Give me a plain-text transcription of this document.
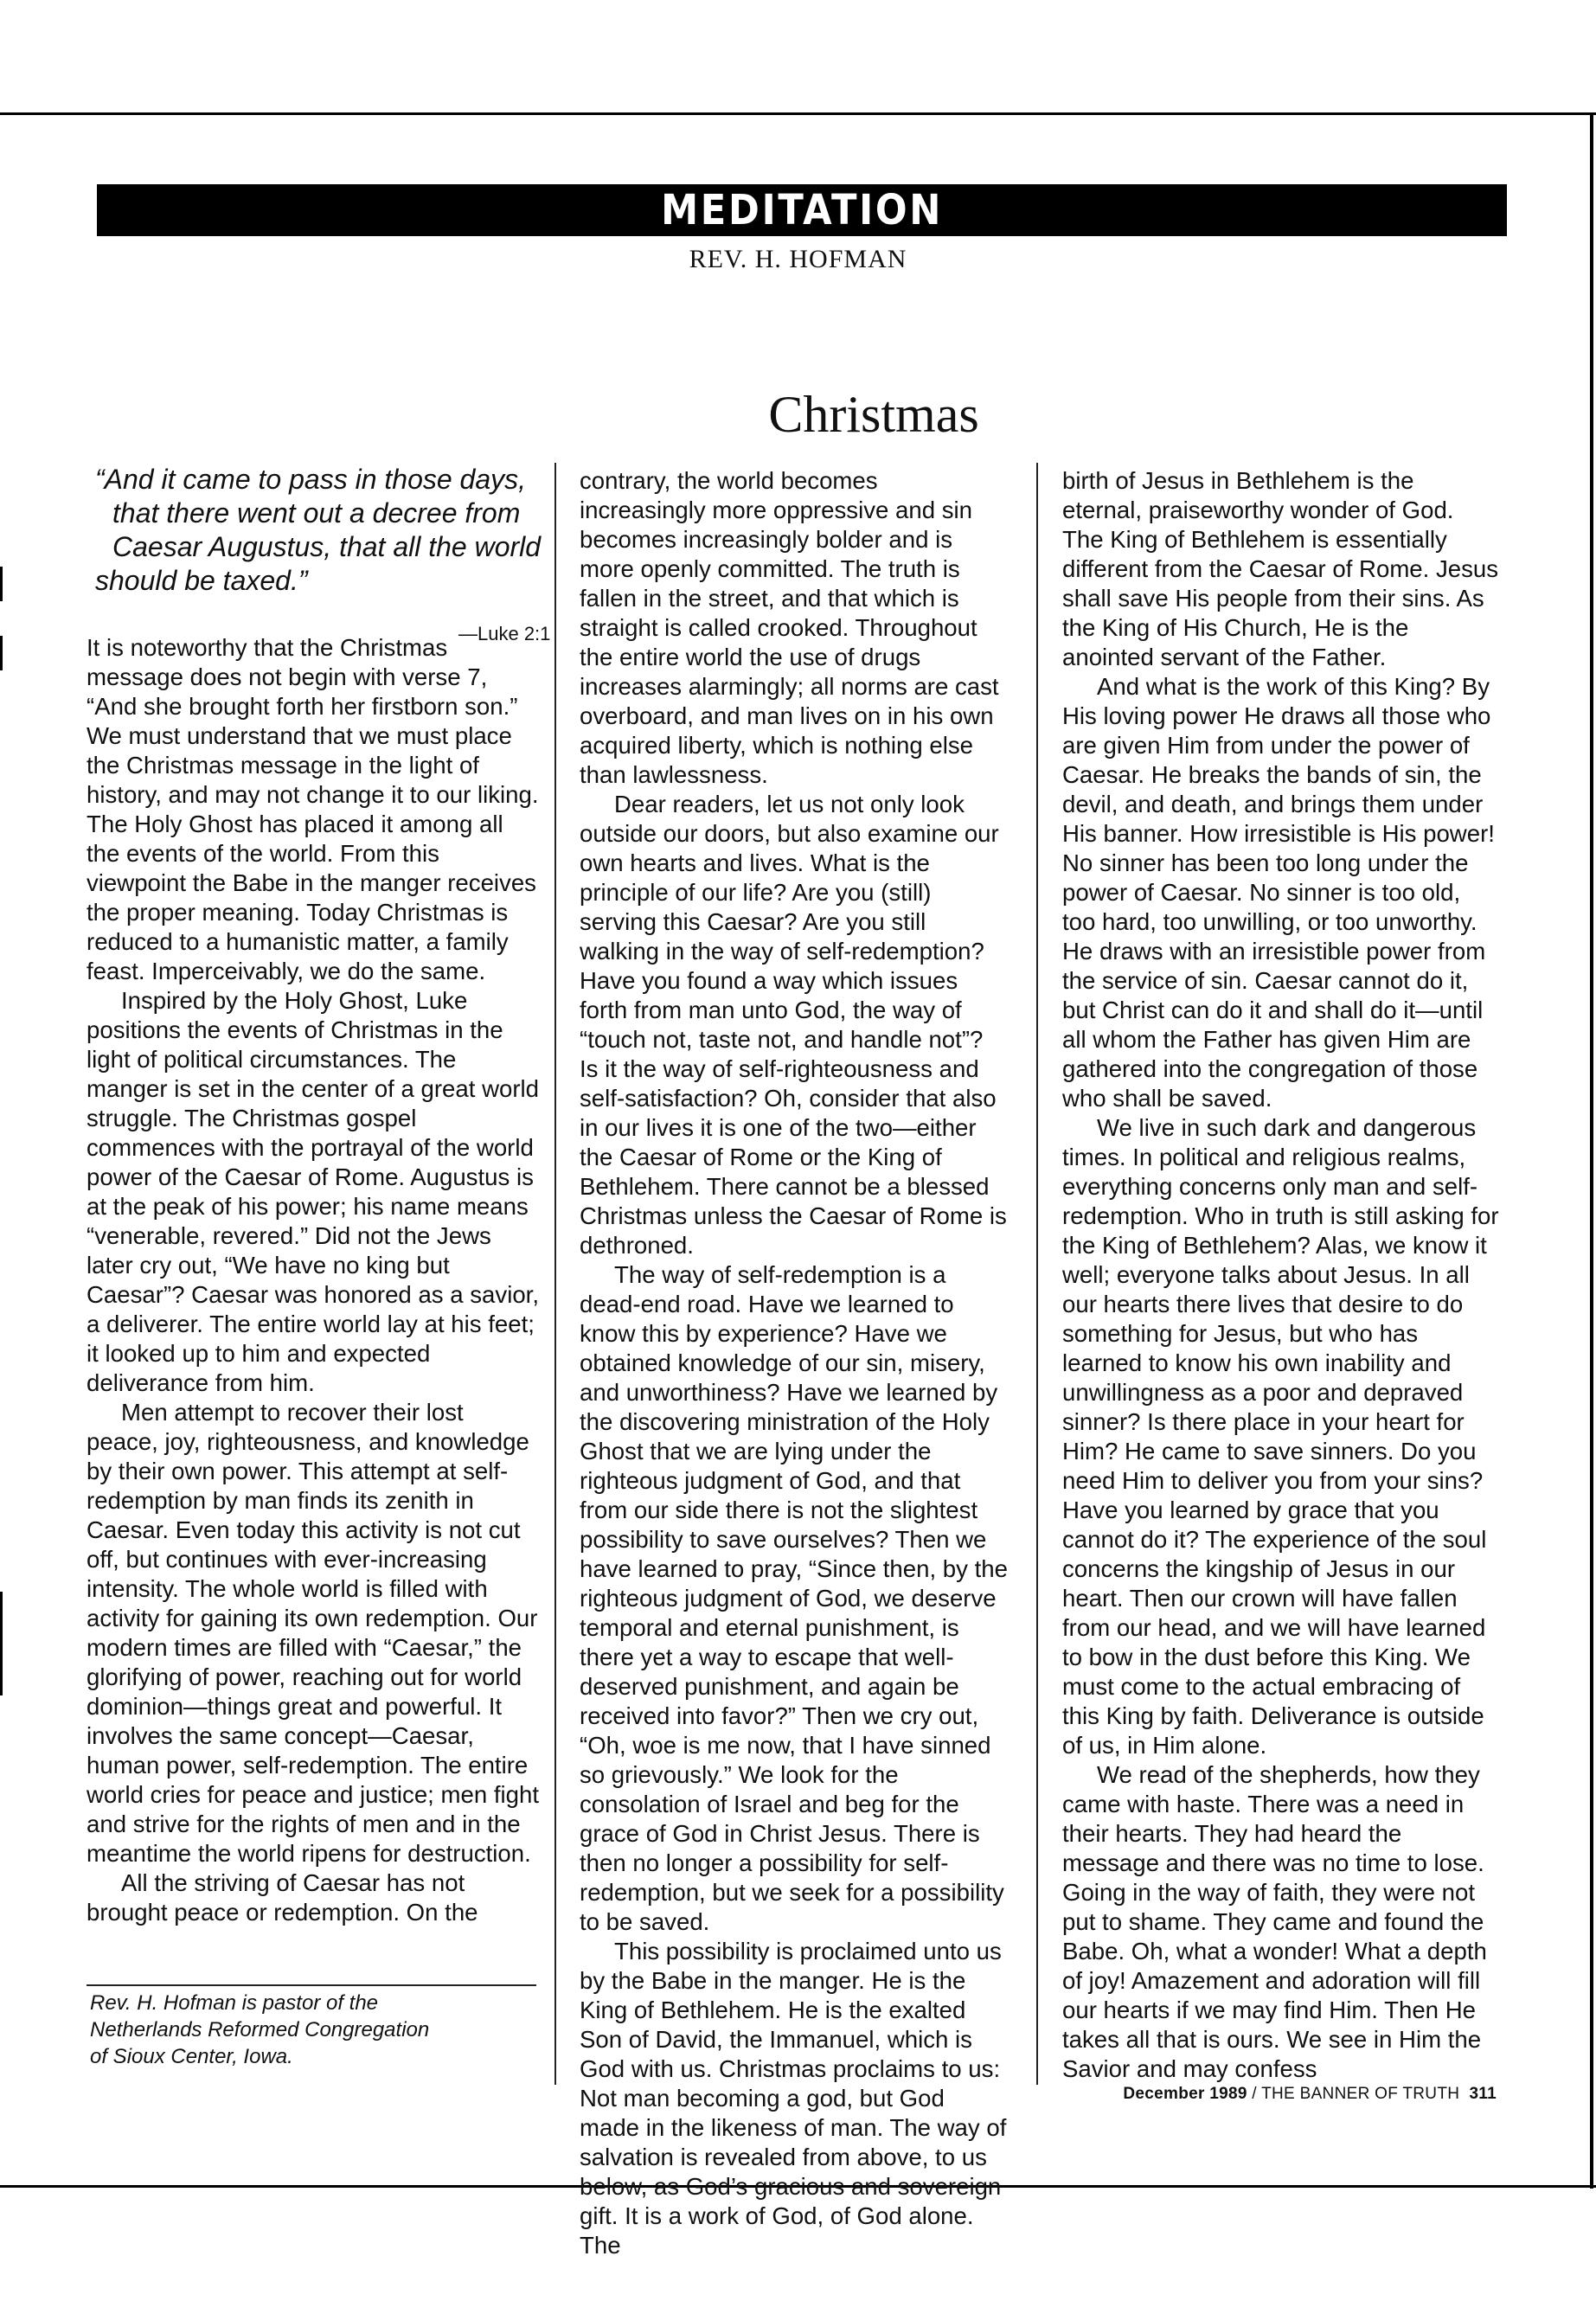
MEDITATION
REV. H. HOFMAN
Christmas
“And it came to pass in those days,
that there went out a decree from
Caesar Augustus, that all the world
should be taxed.”
—Luke 2:1

It is noteworthy that the Christmas message does not begin with verse 7, “And she brought forth her firstborn son.” We must understand that we must place the Christmas message in the light of history, and may not change it to our liking. The Holy Ghost has placed it among all the events of the world. From this viewpoint the Babe in the manger receives the proper meaning. Today Christmas is reduced to a humanistic matter, a family feast. Imperceivably, we do the same.

Inspired by the Holy Ghost, Luke positions the events of Christmas in the light of political circumstances. The manger is set in the center of a great world struggle. The Christmas gospel commences with the portrayal of the world power of the Caesar of Rome. Augustus is at the peak of his power; his name means “venerable, revered.” Did not the Jews later cry out, “We have no king but Caesar”? Caesar was honored as a savior, a deliverer. The entire world lay at his feet; it looked up to him and expected deliverance from him.

Men attempt to recover their lost peace, joy, righteousness, and knowledge by their own power. This attempt at self-redemption by man finds its zenith in Caesar. Even today this activity is not cut off, but continues with ever-increasing intensity. The whole world is filled with activity for gaining its own redemption. Our modern times are filled with “Caesar,” the glorifying of power, reaching out for world dominion—things great and powerful. It involves the same concept—Caesar, human power, self-redemption. The entire world cries for peace and justice; men fight and strive for the rights of men and in the meantime the world ripens for destruction.

All the striving of Caesar has not brought peace or redemption. On the

contrary, the world becomes increasingly more oppressive and sin becomes increasingly bolder and is more openly committed. The truth is fallen in the street, and that which is straight is called crooked. Throughout the entire world the use of drugs increases alarmingly; all norms are cast overboard, and man lives on in his own acquired liberty, which is nothing else than lawlessness.

Dear readers, let us not only look outside our doors, but also examine our own hearts and lives. What is the principle of our life? Are you (still) serving this Caesar? Are you still walking in the way of self-redemption? Have you found a way which issues forth from man unto God, the way of “touch not, taste not, and handle not”? Is it the way of self-righteousness and self-satisfaction? Oh, consider that also in our lives it is one of the two—either the Caesar of Rome or the King of Bethlehem. There cannot be a blessed Christmas unless the Caesar of Rome is dethroned.

The way of self-redemption is a dead-end road. Have we learned to know this by experience? Have we obtained knowledge of our sin, misery, and unworthiness? Have we learned by the discovering ministration of the Holy Ghost that we are lying under the righteous judgment of God, and that from our side there is not the slightest possibility to save ourselves? Then we have learned to pray, “Since then, by the righteous judgment of God, we deserve temporal and eternal punishment, is there yet a way to escape that well-deserved punishment, and again be received into favor?” Then we cry out, “Oh, woe is me now, that I have sinned so grievously.” We look for the consolation of Israel and beg for the grace of God in Christ Jesus. There is then no longer a possibility for self-redemption, but we seek for a possibility to be saved.

This possibility is proclaimed unto us by the Babe in the manger. He is the King of Bethlehem. He is the exalted Son of David, the Immanuel, which is God with us. Christmas proclaims to us: Not man becoming a god, but God made in the likeness of man. The way of salvation is revealed from above, to us below, as God’s gracious and sovereign gift. It is a work of God, of God alone. The

birth of Jesus in Bethlehem is the eternal, praiseworthy wonder of God. The King of Bethlehem is essentially different from the Caesar of Rome. Jesus shall save His people from their sins. As the King of His Church, He is the anointed servant of the Father.

And what is the work of this King? By His loving power He draws all those who are given Him from under the power of Caesar. He breaks the bands of sin, the devil, and death, and brings them under His banner. How irresistible is His power! No sinner has been too long under the power of Caesar. No sinner is too old, too hard, too unwilling, or too unworthy. He draws with an irresistible power from the service of sin. Caesar cannot do it, but Christ can do it and shall do it—until all whom the Father has given Him are gathered into the congregation of those who shall be saved.

We live in such dark and dangerous times. In political and religious realms, everything concerns only man and self-redemption. Who in truth is still asking for the King of Bethlehem? Alas, we know it well; everyone talks about Jesus. In all our hearts there lives that desire to do something for Jesus, but who has learned to know his own inability and unwillingness as a poor and depraved sinner? Is there place in your heart for Him? He came to save sinners. Do you need Him to deliver you from your sins? Have you learned by grace that you cannot do it? The experience of the soul concerns the kingship of Jesus in our heart. Then our crown will have fallen from our head, and we will have learned to bow in the dust before this King. We must come to the actual embracing of this King by faith. Deliverance is outside of us, in Him alone.

We read of the shepherds, how they came with haste. There was a need in their hearts. They had heard the message and there was no time to lose. Going in the way of faith, they were not put to shame. They came and found the Babe. Oh, what a wonder! What a depth of joy! Amazement and adoration will fill our hearts if we may find Him. Then He takes all that is ours. We see in Him the Savior and may confess

Rev. H. Hofman is pastor of the
Netherlands Reformed Congregation
of Sioux Center, Iowa.
December 1989 / THE BANNER OF TRUTH 311
